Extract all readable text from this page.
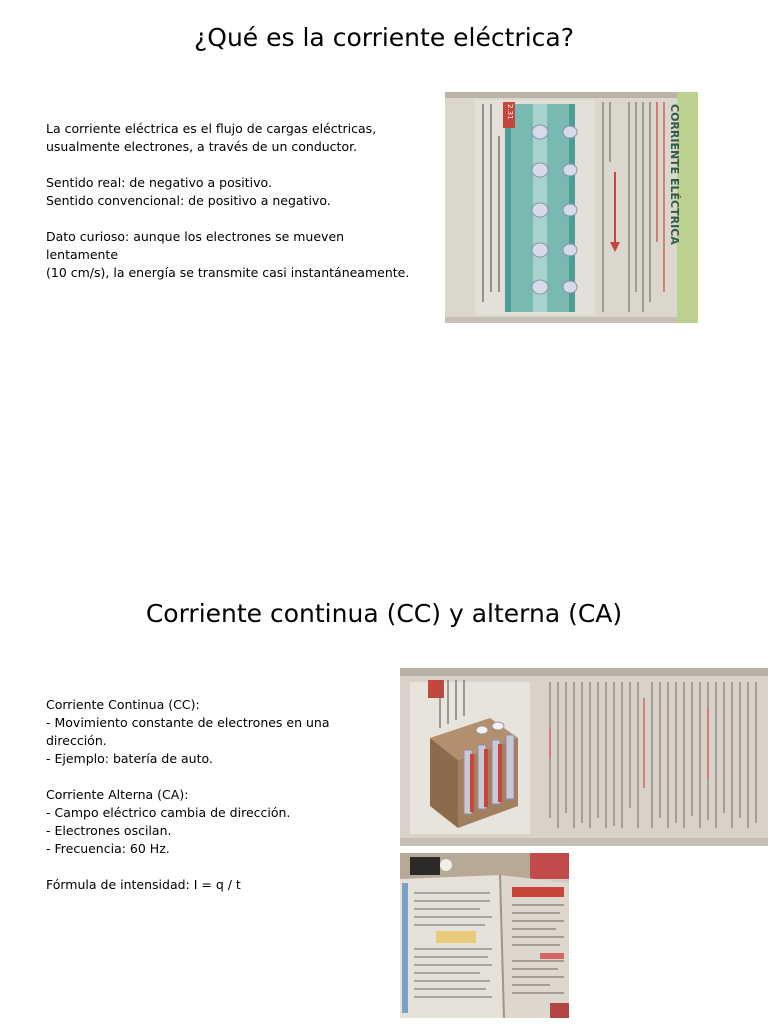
¿Qué es la corriente eléctrica?

La corriente eléctrica es el flujo de cargas eléctricas,

usualmente electrones, a través de un conductor.

Sentido real: de negativo a positivo.

Sentido convencional: de positivo a negativo.

Dato curioso: aunque los electrones se mueven lentamente

(10 cm/s), la energía se transmite casi instantáneamente.

CORRIENTE ELÉCTRICA
2.31
Corriente continua (CC) y alterna (CA)

Corriente Continua (CC):

- Movimiento constante de electrones en una

dirección.

- Ejemplo: batería de auto.

Corriente Alterna (CA):

- Campo eléctrico cambia de dirección.

- Electrones oscilan.

- Frecuencia: 60 Hz.

Fórmula de intensidad: I = q / t
